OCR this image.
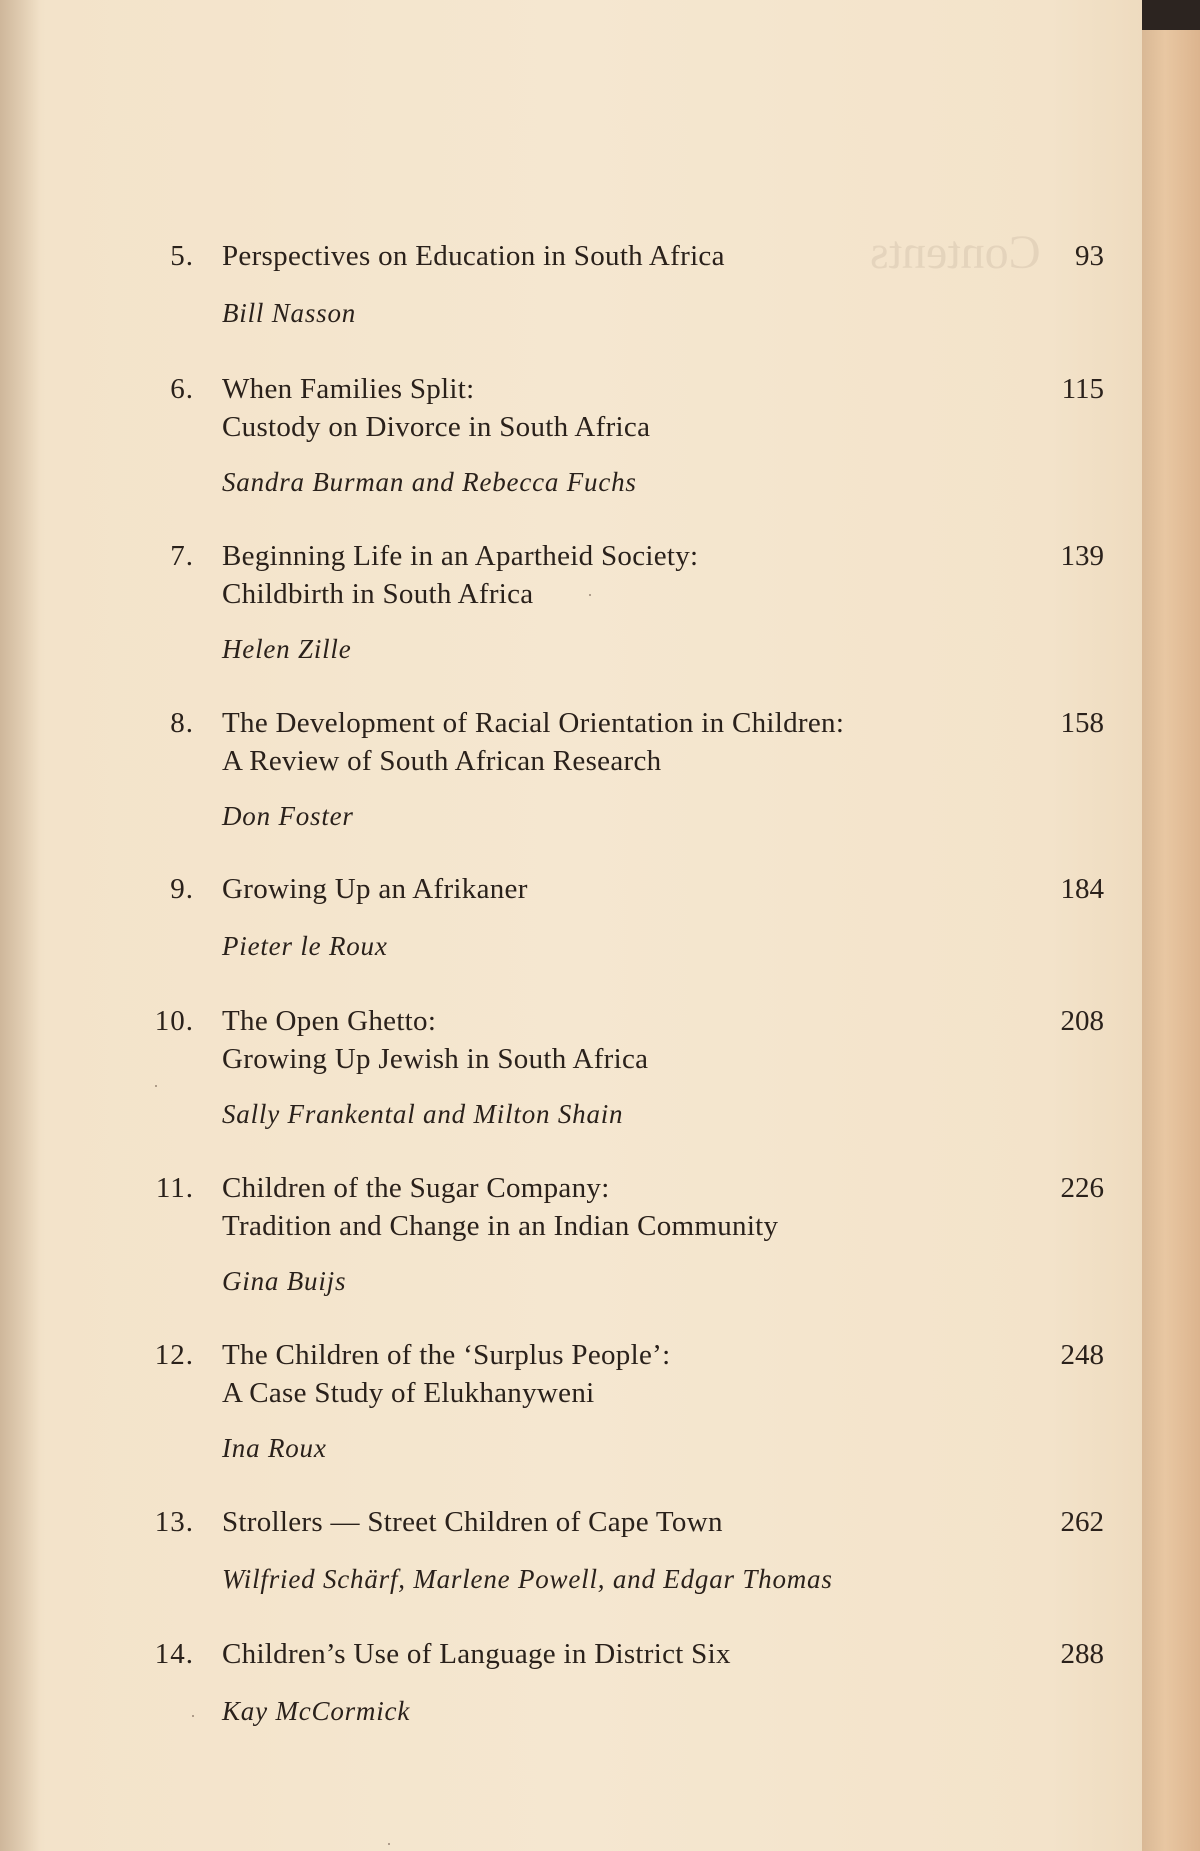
Contents
5. Perspectives on Education in South Africa
Bill Nasson
93
6. When Families Split:
Custody on Divorce in South Africa
Sandra Burman and Rebecca Fuchs
115
7. Beginning Life in an Apartheid Society:
Childbirth in South Africa
Helen Zille
139
8. The Development of Racial Orientation in Children:
A Review of South African Research
Don Foster
158
9. Growing Up an Afrikaner
Pieter le Roux
184
10. The Open Ghetto:
Growing Up Jewish in South Africa
Sally Frankental and Milton Shain
208
11. Children of the Sugar Company:
Tradition and Change in an Indian Community
Gina Buijs
226
12. The Children of the ‘Surplus People’:
A Case Study of Elukhanyweni
Ina Roux
248
13. Strollers — Street Children of Cape Town
Wilfried Schärf, Marlene Powell, and Edgar Thomas
262
14. Children’s Use of Language in District Six
Kay McCormick
288
